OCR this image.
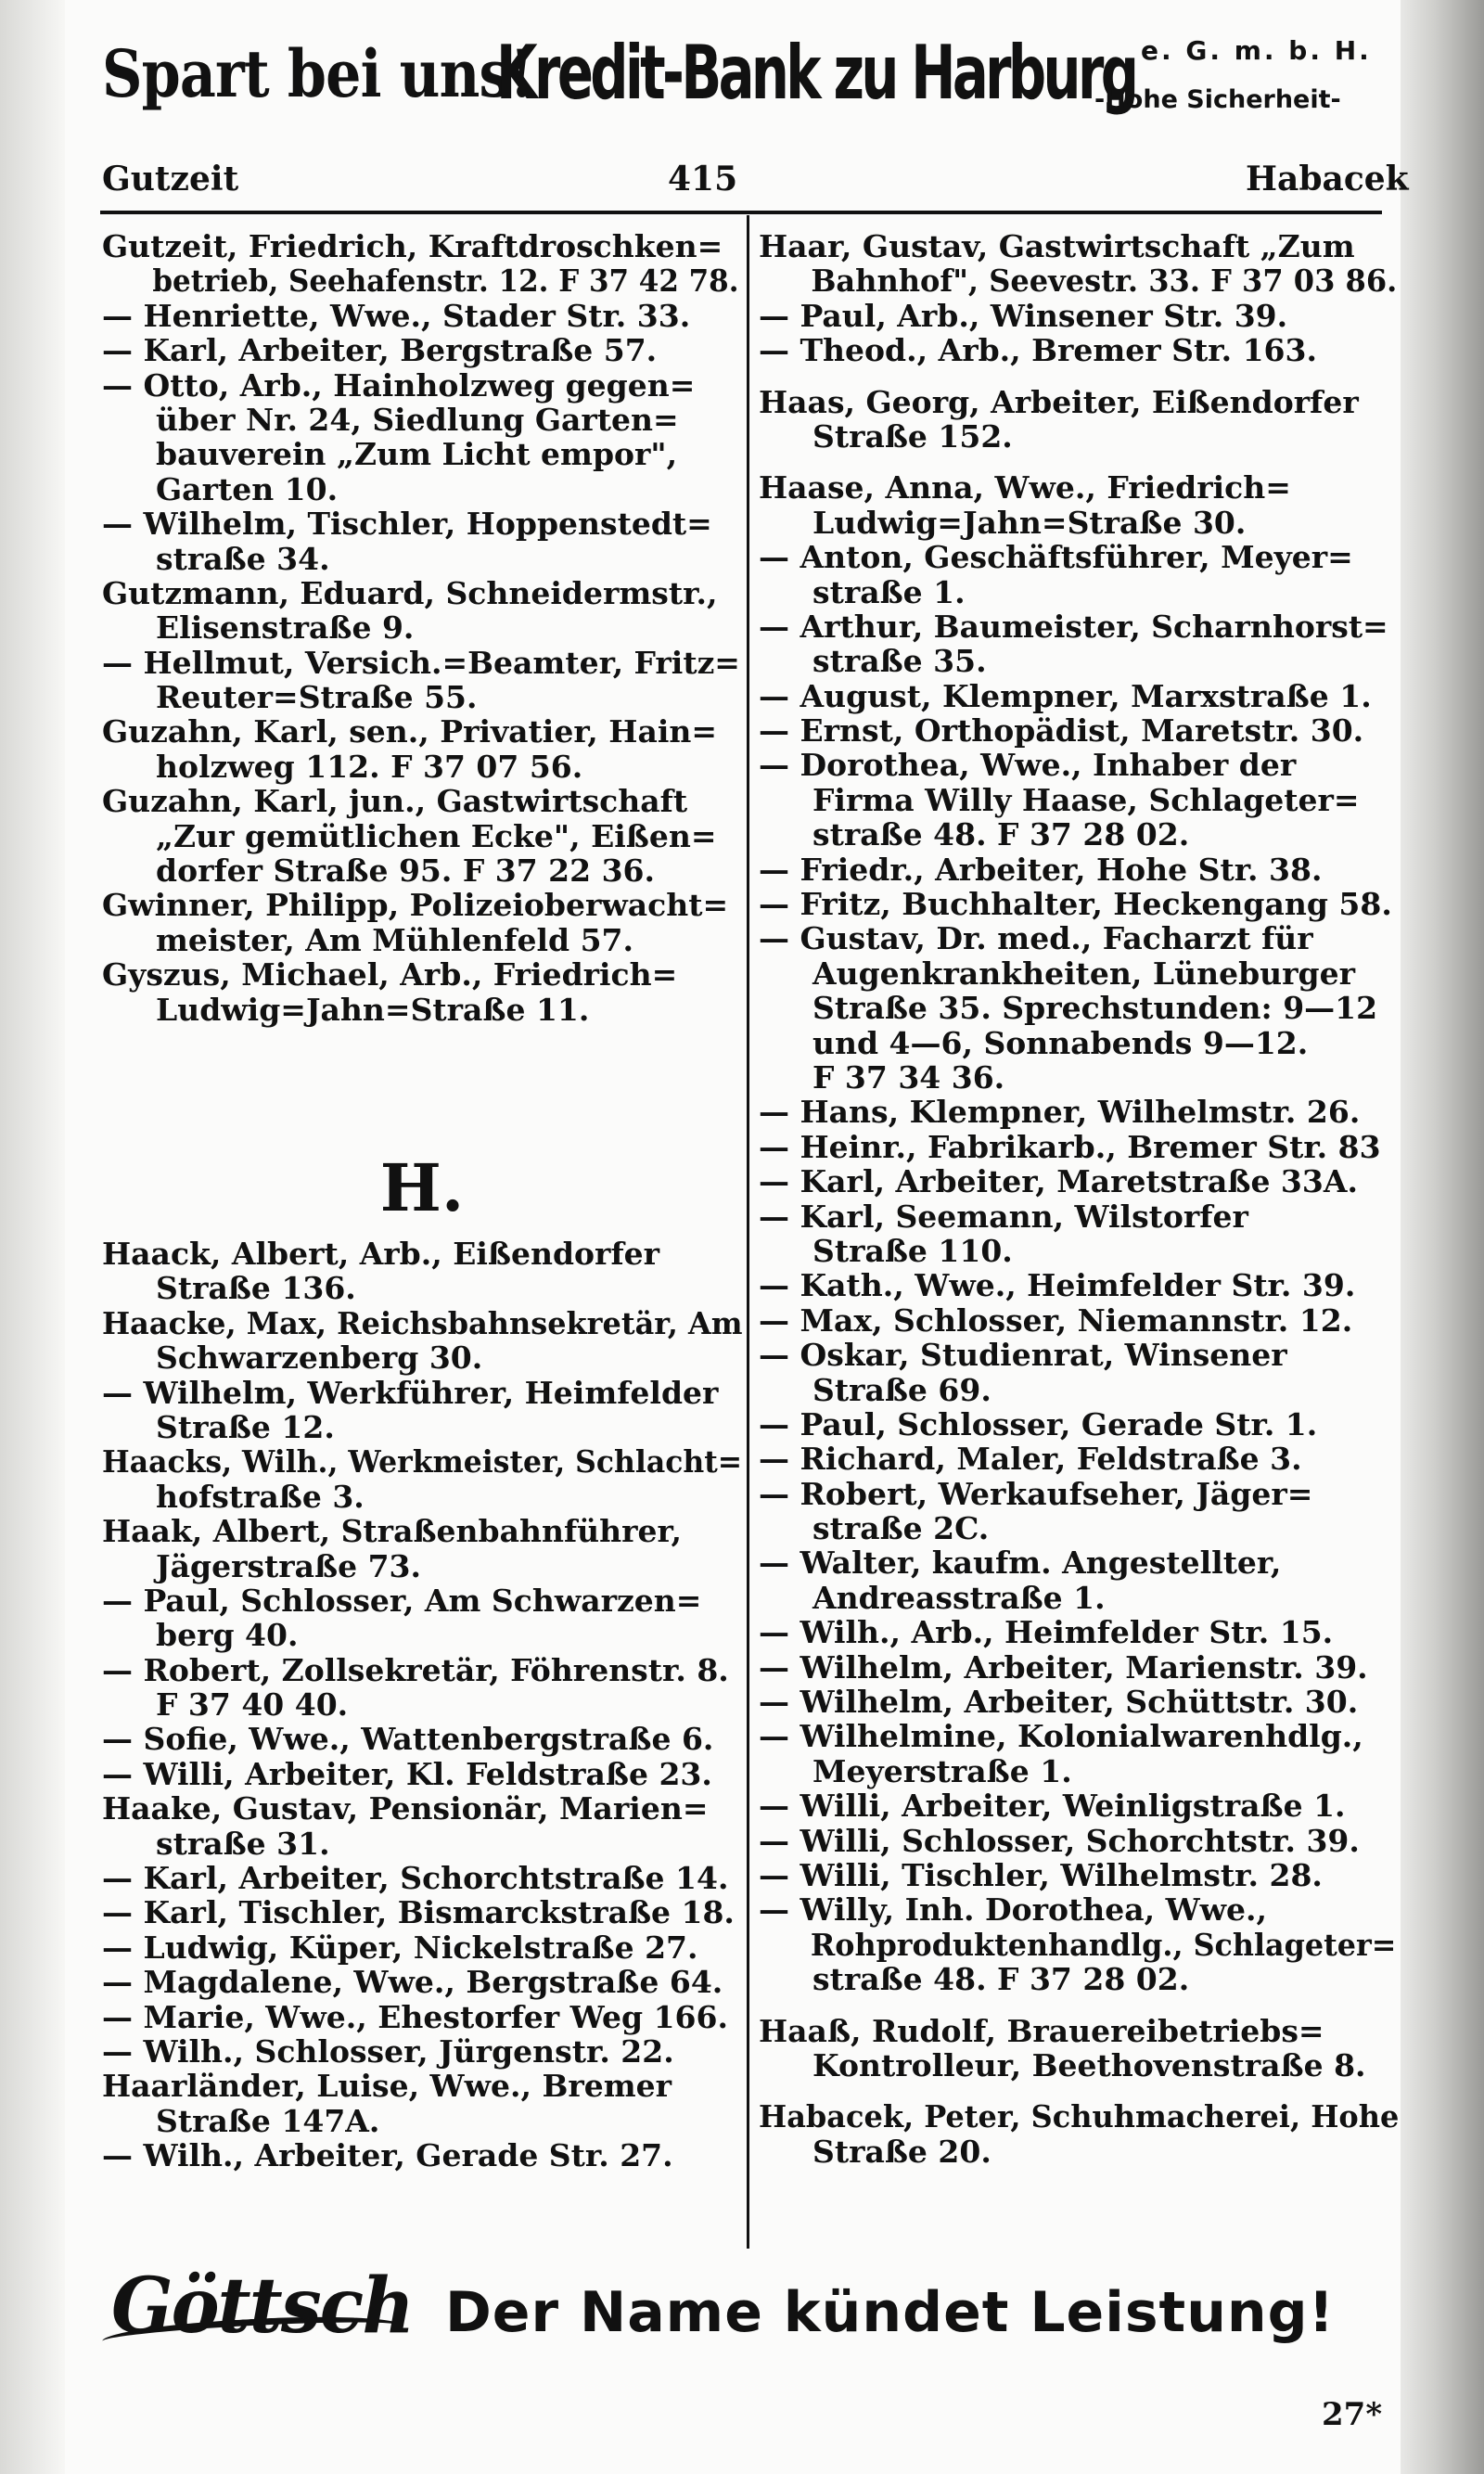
Spart bei uns!
Kredit-Bank zu Harburg e. G. m. b. H.
-Hohe Sicherheit-
Gutzeit	415	Habacek
Gutzeit, Friedrich, Kraftdroschken=
betrieb, Seehafenstr. 12. F 37 42 78.
— Henriette, Wwe., Stader Str. 33.
— Karl, Arbeiter, Bergstraße 57.
— Otto, Arb., Hainholzweg gegen=
über Nr. 24, Siedlung Garten=
bauverein „Zum Licht empor",
Garten 10.
— Wilhelm, Tischler, Hoppenstedt=
straße 34.
Gutzmann, Eduard, Schneidermstr.,
Elisenstraße 9.
— Hellmut, Versich.=Beamter, Fritz=
Reuter=Straße 55.
Guzahn, Karl, sen., Privatier, Hain=
holzweg 112. F 37 07 56.
Guzahn, Karl, jun., Gastwirtschaft
„Zur gemütlichen Ecke", Eißen=
dorfer Straße 95. F 37 22 36.
Gwinner, Philipp, Polizeioberwacht=
meister, Am Mühlenfeld 57.
Gyszus, Michael, Arb., Friedrich=
Ludwig=Jahn=Straße 11.
H.
Haack, Albert, Arb., Eißendorfer
Straße 136.
Haacke, Max, Reichsbahnsekretär, Am
Schwarzenberg 30.
— Wilhelm, Werkführer, Heimfelder
Straße 12.
Haacks, Wilh., Werkmeister, Schlacht=
hofstraße 3.
Haak, Albert, Straßenbahnführer,
Jägerstraße 73.
— Paul, Schlosser, Am Schwarzen=
berg 40.
— Robert, Zollsekretär, Föhrenstr. 8.
F 37 40 40.
— Sofie, Wwe., Wattenbergstraße 6.
— Willi, Arbeiter, Kl. Feldstraße 23.
Haake, Gustav, Pensionär, Marien=
straße 31.
— Karl, Arbeiter, Schorchtstraße 14.
— Karl, Tischler, Bismarckstraße 18.
— Ludwig, Küper, Nickelstraße 27.
— Magdalene, Wwe., Bergstraße 64.
— Marie, Wwe., Ehestorfer Weg 166.
— Wilh., Schlosser, Jürgenstr. 22.
Haarländer, Luise, Wwe., Bremer
Straße 147A.
— Wilh., Arbeiter, Gerade Str. 27.
Haar, Gustav, Gastwirtschaft „Zum
Bahnhof", Seevestr. 33. F 37 03 86.
— Paul, Arb., Winsener Str. 39.
— Theod., Arb., Bremer Str. 163.
Haas, Georg, Arbeiter, Eißendorfer
Straße 152.
Haase, Anna, Wwe., Friedrich=
Ludwig=Jahn=Straße 30.
— Anton, Geschäftsführer, Meyer=
straße 1.
— Arthur, Baumeister, Scharnhorst=
straße 35.
— August, Klempner, Marxstraße 1.
— Ernst, Orthopädist, Maretstr. 30.
— Dorothea, Wwe., Inhaber der
Firma Willy Haase, Schlageter=
straße 48. F 37 28 02.
— Friedr., Arbeiter, Hohe Str. 38.
— Fritz, Buchhalter, Heckengang 58.
— Gustav, Dr. med., Facharzt für
Augenkrankheiten, Lüneburger
Straße 35. Sprechstunden: 9—12
und 4—6, Sonnabends 9—12.
F 37 34 36.
— Hans, Klempner, Wilhelmstr. 26.
— Heinr., Fabrikarb., Bremer Str. 83
— Karl, Arbeiter, Maretstraße 33A.
— Karl, Seemann, Wilstorfer
Straße 110.
— Kath., Wwe., Heimfelder Str. 39.
— Max, Schlosser, Niemannstr. 12.
— Oskar, Studienrat, Winsener
Straße 69.
— Paul, Schlosser, Gerade Str. 1.
— Richard, Maler, Feldstraße 3.
— Robert, Werkaufseher, Jäger=
straße 2C.
— Walter, kaufm. Angestellter,
Andreasstraße 1.
— Wilh., Arb., Heimfelder Str. 15.
— Wilhelm, Arbeiter, Marienstr. 39.
— Wilhelm, Arbeiter, Schüttstr. 30.
— Wilhelmine, Kolonialwarenhdlg.,
Meyerstraße 1.
— Willi, Arbeiter, Weinligstraße 1.
— Willi, Schlosser, Schorchtstr. 39.
— Willi, Tischler, Wilhelmstr. 28.
— Willy, Inh. Dorothea, Wwe.,
Rohproduktenhandlg., Schlageter=
straße 48. F 37 28 02.
Haaß, Rudolf, Brauereibetriebs=
Kontrolleur, Beethovenstraße 8.
Habacek, Peter, Schuhmacherei, Hohe
Straße 20.
Göttsch Der Name kündet Leistung!
27*
